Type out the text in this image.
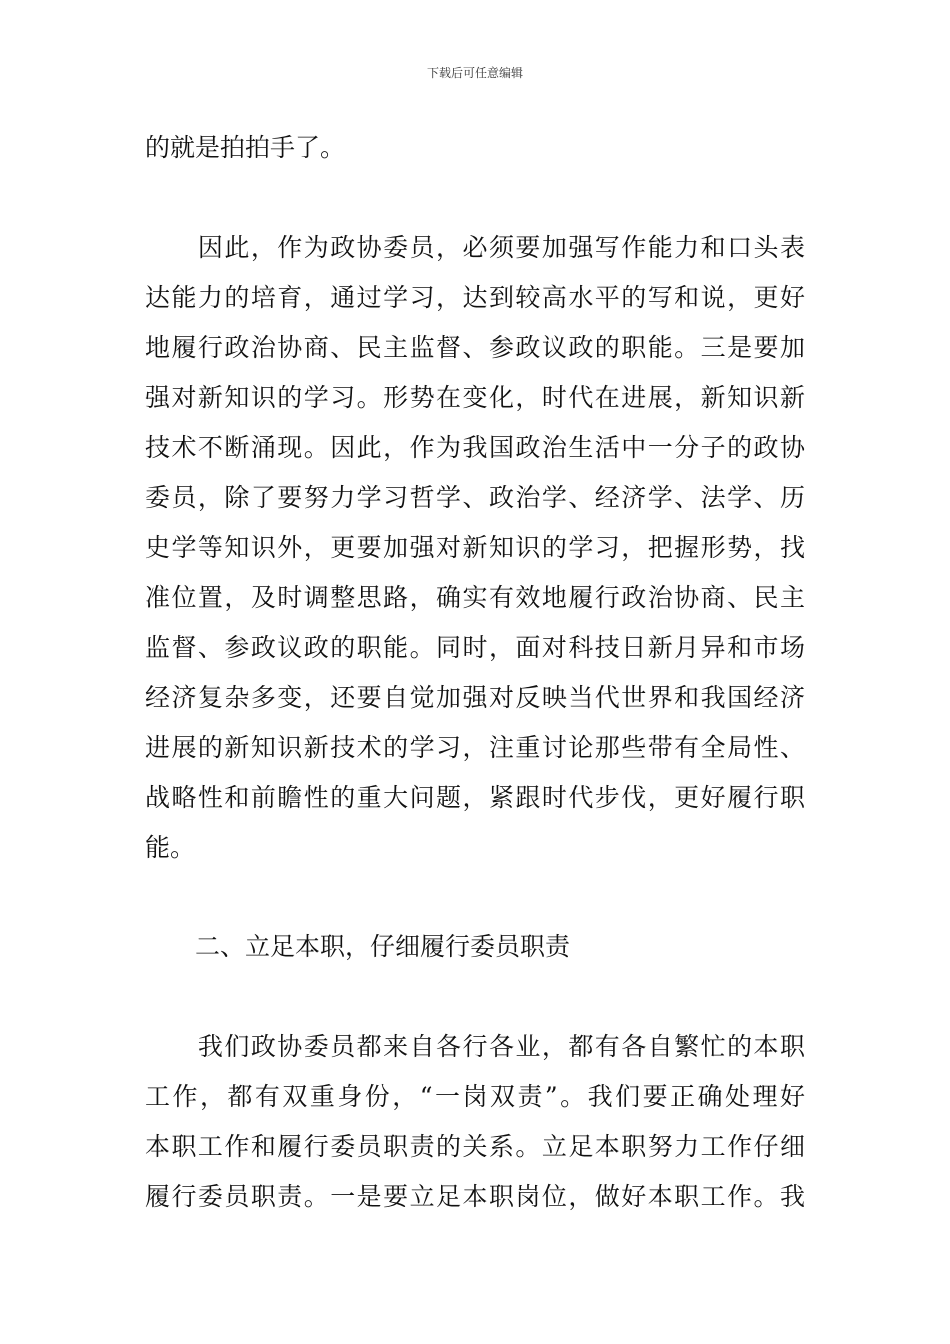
下载后可任意编辑
的就是拍拍手了。
　　因此，作为政协委员，必须要加强写作能力和口头表
达能力的培育，通过学习，达到较高水平的写和说，更好
地履行政治协商、民主监督、参政议政的职能。三是要加
强对新知识的学习。形势在变化，时代在进展，新知识新
技术不断涌现。因此，作为我国政治生活中一分子的政协
委员，除了要努力学习哲学、政治学、经济学、法学、历
史学等知识外，更要加强对新知识的学习，把握形势，找
准位置，及时调整思路，确实有效地履行政治协商、民主
监督、参政议政的职能。同时，面对科技日新月异和市场
经济复杂多变，还要自觉加强对反映当代世界和我国经济
进展的新知识新技术的学习，注重讨论那些带有全局性、
战略性和前瞻性的重大问题，紧跟时代步伐，更好履行职
能。
　　二、立足本职，仔细履行委员职责
　　我们政协委员都来自各行各业，都有各自繁忙的本职
工作，都有双重身份，“一岗双责”。我们要正确处理好
本职工作和履行委员职责的关系。立足本职努力工作仔细
履行委员职责。一是要立足本职岗位，做好本职工作。我
